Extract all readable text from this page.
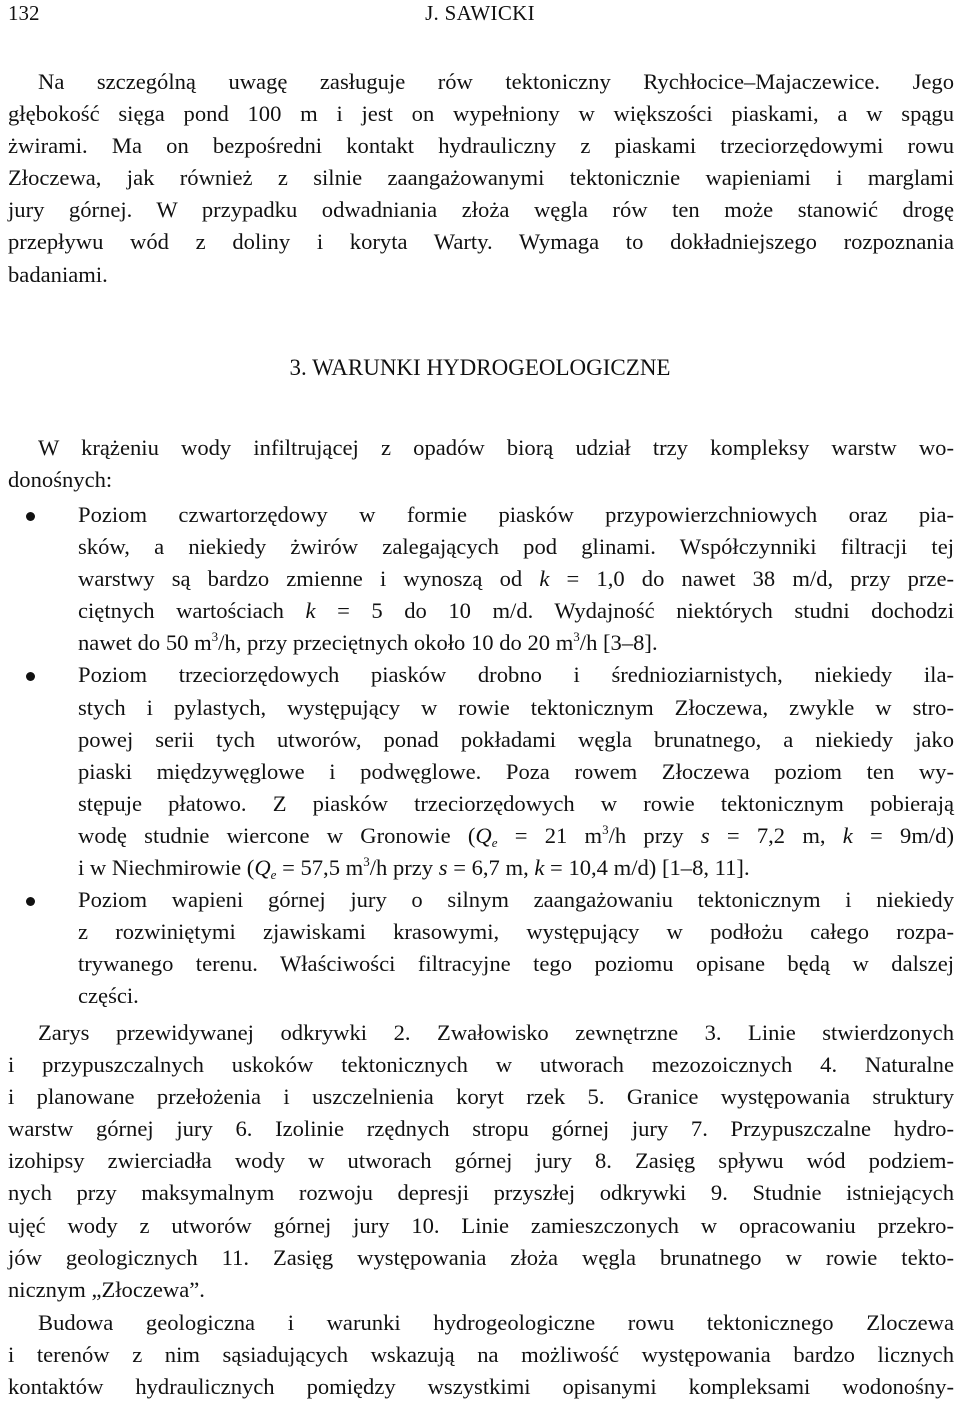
132	J. SAWICKI
Na szczególną uwagę zasługuje rów tektoniczny Rychłocice–Majaczewice. Jego
głębokość sięga pond 100 m i jest on wypełniony w większości piaskami, a w spągu
żwirami. Ma on bezpośredni kontakt hydrauliczny z piaskami trzeciorzędowymi rowu
Złoczewa, jak również z silnie zaangażowanymi tektonicznie wapieniami i marglami
jury górnej. W przypadku odwadniania złoża węgla rów ten może stanowić drogę
przepływu wód z doliny i koryta Warty. Wymaga to dokładniejszego rozpoznania
badaniami.
3. WARUNKI HYDROGEOLOGICZNE
W krążeniu wody infiltrującej z opadów biorą udział trzy kompleksy warstw wo-
donośnych:
Poziom czwartorzędowy w formie piasków przypowierzchniowych oraz pia-
sków, a niekiedy żwirów zalegających pod glinami. Współczynniki filtracji tej
warstwy są bardzo zmienne i wynoszą od k = 1,0 do nawet 38 m/d, przy prze-
ciętnych wartościach k = 5 do 10 m/d. Wydajność niektórych studni dochodzi
nawet do 50 $m^3/h$, przy przeciętnych około 10 do 20 $m^3/h$ [3–8].
Poziom trzeciorzędowych piasków drobno i średnioziarnistych, niekiedy ila-
stych i pylastych, występujący w rowie tektonicznym Złoczewa, zwykle w stro-
powej serii tych utworów, ponad pokładami węgla brunatnego, a niekiedy jako
piaski międzywęglowe i podwęglowe. Poza rowem Złoczewa poziom ten wy-
stępuje płatowo. Z piasków trzeciorzędowych w rowie tektonicznym pobierają
wodę studnie wiercone w Gronowie ($Q_e = 21$ $m^3/h$ przy s = 7,2 m, k = 9m/d)
i w Niechmirowie ($Q_e = 57,5$ $m^3/h$ przy s = 6,7 m, k = 10,4 m/d) [1–8, 11].
Poziom wapieni górnej jury o silnym zaangażowaniu tektonicznym i niekiedy
z rozwiniętymi zjawiskami krasowymi, występujący w podłożu całego rozpa-
trywanego terenu. Właściwości filtracyjne tego poziomu opisane będą w dalszej
części.
Zarys przewidywanej odkrywki 2. Zwałowisko zewnętrzne 3. Linie stwierdzonych
i przypuszczalnych uskoków tektonicznych w utworach mezozoicznych 4. Naturalne
i planowane przełożenia i uszczelnienia koryt rzek 5. Granice występowania struktury
warstw górnej jury 6. Izolinie rzędnych stropu górnej jury 7. Przypuszczalne hydro-
izohipsy zwierciadła wody w utworach górnej jury 8. Zasięg spływu wód podziem-
nych przy maksymalnym rozwoju depresji przyszłej odkrywki 9. Studnie istniejących
ujęć wody z utworów górnej jury 10. Linie zamieszczonych w opracowaniu przekro-
jów geologicznych 11. Zasięg występowania złoża węgla brunatnego w rowie tekto-
nicznym „Złoczewa”.
Budowa geologiczna i warunki hydrogeologiczne rowu tektonicznego Zloczewa
i terenów z nim sąsiadujących wskazują na możliwość występowania bardzo licznych
kontaktów hydraulicznych pomiędzy wszystkimi opisanymi kompleksami wodonośny-
